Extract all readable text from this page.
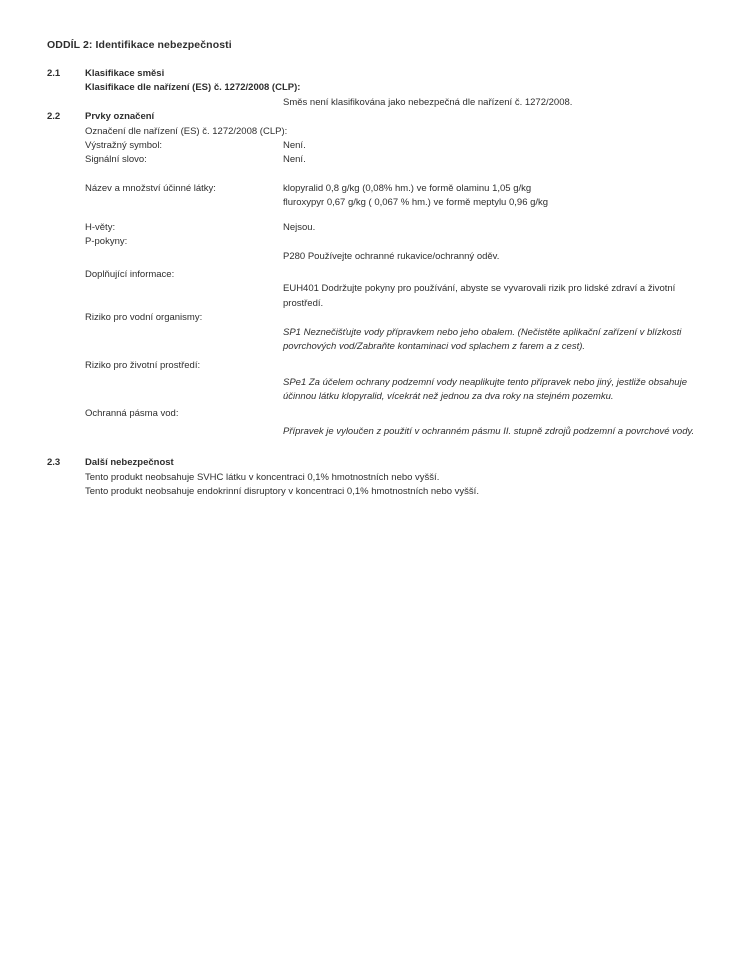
ODDÍL 2: Identifikace nebezpečnosti
2.1	Klasifikace směsi
Klasifikace dle nařízení (ES) č. 1272/2008 (CLP):
Směs není klasifikována jako nebezpečná dle nařízení č. 1272/2008.
2.2	Prvky označení
Označení dle nařízení (ES) č. 1272/2008 (CLP):
Výstražný symbol:	Není.
Signální slovo:	Není.
Název a množství účinné látky:	klopyralid 0,8 g/kg (0,08% hm.) ve formě olaminu 1,05 g/kg
fluroxypyr 0,67 g/kg ( 0,067 % hm.) ve formě meptylu 0,96 g/kg
H-věty:	Nejsou.
P-pokyny:
P280 Používejte ochranné rukavice/ochranný oděv.
Doplňující informace:
EUH401 Dodržujte pokyny pro používání, abyste se vyvarovali rizik pro lidské zdraví a životní prostředí.
Riziko pro vodní organismy:
SP1 Neznečišťujte vody přípravkem nebo jeho obalem. (Nečistěte aplikační zařízení v blízkosti povrchových vod/Zabraňte kontaminaci vod splachem z farem a z cest).
Riziko pro životní prostředí:
SPe1 Za účelem ochrany podzemní vody neaplikujte tento přípravek nebo jiný, jestliže obsahuje účinnou látku klopyralid, vícekrát než jednou za dva roky na stejném pozemku.
Ochranná pásma vod:
Přípravek je vyloučen z použití v ochranném pásmu II. stupně zdrojů podzemní a povrchové vody.
2.3	Další nebezpečnost
Tento produkt neobsahuje SVHC látku v koncentraci 0,1% hmotnostních nebo vyšší.
Tento produkt neobsahuje endokrinní disruptory v koncentraci 0,1% hmotnostních nebo vyšší.
